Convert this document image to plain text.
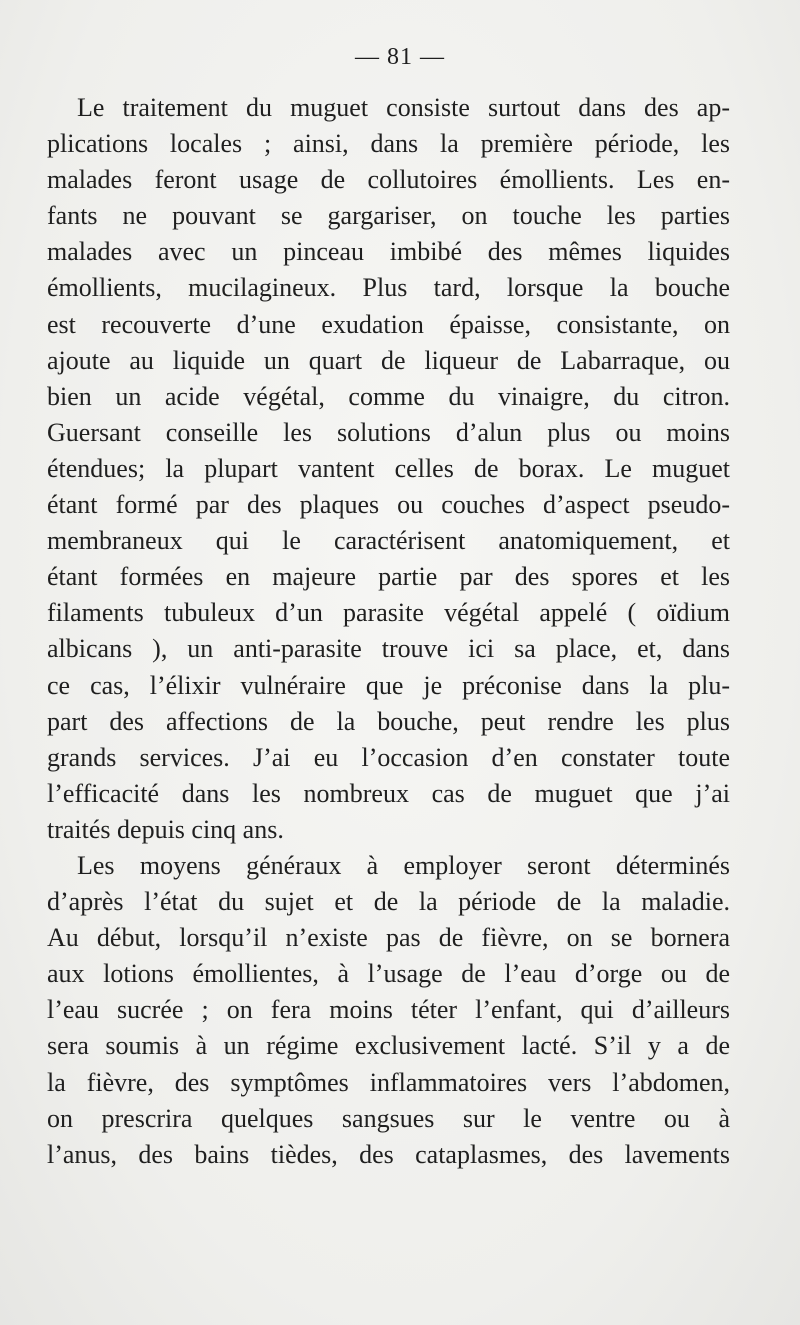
— 81 —
Le traitement du muguet consiste surtout dans des ap-
plications locales ; ainsi, dans la première période, les
malades feront usage de collutoires émollients. Les en-
fants ne pouvant se gargariser, on touche les parties
malades avec un pinceau imbibé des mêmes liquides
émollients, mucilagineux. Plus tard, lorsque la bouche
est recouverte d’une exudation épaisse, consistante, on
ajoute au liquide un quart de liqueur de Labarraque, ou
bien un acide végétal, comme du vinaigre, du citron.
Guersant conseille les solutions d’alun plus ou moins
étendues; la plupart vantent celles de borax. Le muguet
étant formé par des plaques ou couches d’aspect pseudo-
membraneux qui le caractérisent anatomiquement, et
étant formées en majeure partie par des spores et les
filaments tubuleux d’un parasite végétal appelé ( oïdium
albicans ), un anti-parasite trouve ici sa place, et, dans
ce cas, l’élixir vulnéraire que je préconise dans la plu-
part des affections de la bouche, peut rendre les plus
grands services. J’ai eu l’occasion d’en constater toute
l’efficacité dans les nombreux cas de muguet que j’ai
traités depuis cinq ans.
Les moyens généraux à employer seront déterminés
d’après l’état du sujet et de la période de la maladie.
Au début, lorsqu’il n’existe pas de fièvre, on se bornera
aux lotions émollientes, à l’usage de l’eau d’orge ou de
l’eau sucrée ; on fera moins téter l’enfant, qui d’ailleurs
sera soumis à un régime exclusivement lacté. S’il y a de
la fièvre, des symptômes inflammatoires vers l’abdomen,
on prescrira quelques sangsues sur le ventre ou à
l’anus, des bains tièdes, des cataplasmes, des lavements
